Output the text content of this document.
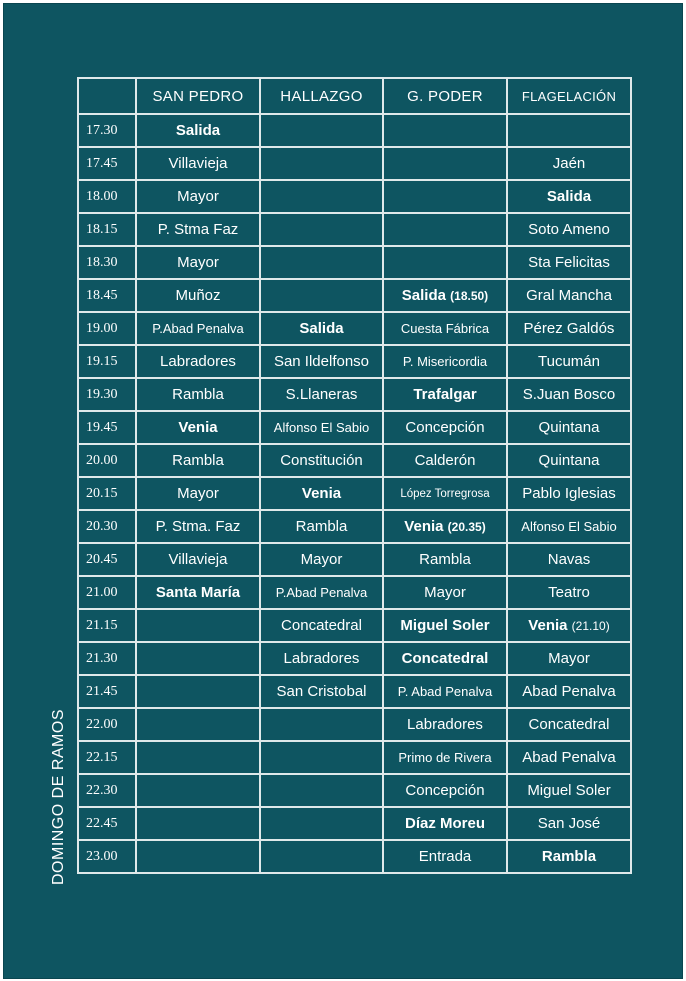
DOMINGO DE RAMOS
	SAN PEDRO	HALLAZGO	G. PODER	FLAGELACIÓN
17.30	Salida			
17.45	Villavieja			Jaén
18.00	Mayor			Salida
18.15	P. Stma Faz			Soto Ameno
18.30	Mayor			Sta Felicitas
18.45	Muñoz		Salida (18.50)	Gral Mancha
19.00	P.Abad Penalva	Salida	Cuesta Fábrica	Pérez Galdós
19.15	Labradores	San Ildelfonso	P. Misericordia	Tucumán
19.30	Rambla	S.Llaneras	Trafalgar	S.Juan Bosco
19.45	Venia	Alfonso El Sabio	Concepción	Quintana
20.00	Rambla	Constitución	Calderón	Quintana
20.15	Mayor	Venia	López Torregrosa	Pablo Iglesias
20.30	P. Stma. Faz	Rambla	Venia (20.35)	Alfonso El Sabio
20.45	Villavieja	Mayor	Rambla	Navas
21.00	Santa María	P.Abad Penalva	Mayor	Teatro
21.15		Concatedral	Miguel Soler	Venia (21.10)
21.30		Labradores	Concatedral	Mayor
21.45		San Cristobal	P. Abad Penalva	Abad Penalva
22.00			Labradores	Concatedral
22.15			Primo de Rivera	Abad Penalva
22.30			Concepción	Miguel Soler
22.45			Díaz Moreu	San José
23.00			Entrada	Rambla
